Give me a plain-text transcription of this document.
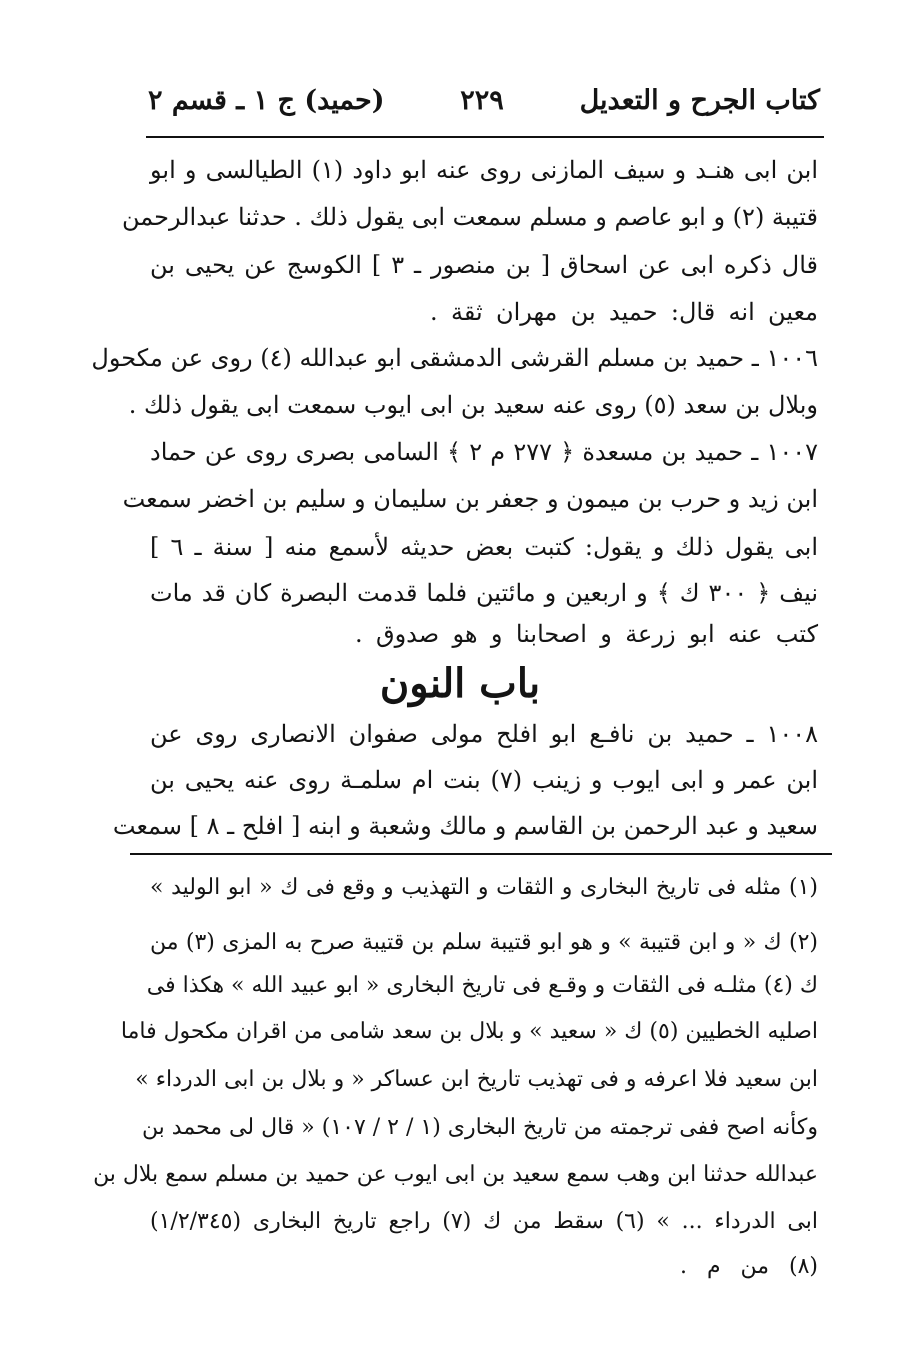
كتاب الجرح و التعديل
٢٢٩
(حميد) ج ١ ـ قسم ٢
ابن ابى هنـد و سيف المازنى روى عنه ابو داود (١) الطيالسى و ابو
قتيبة (٢) و ابو عاصم و مسلم سمعت ابى يقول ذلك . حدثنا عبدالرحمن
قال ذكره ابى عن اسحاق [ بن منصور ـ ٣ ] الكوسج عن يحيى بن
معين انه قال: حميد بن مهران ثقة .
١٠٠٦ ـ حميد بن مسلم القرشى الدمشقى ابو عبدالله (٤) روى عن مكحول
وبلال بن سعد (٥) روى عنه سعيد بن ابى ايوب سمعت ابى يقول ذلك .
١٠٠٧ ـ حميد بن مسعدة ﴿ ٢٧٧ م ٢ ﴾ السامى بصرى روى عن حماد
ابن زيد و حرب بن ميمون و جعفر بن سليمان و سليم بن اخضر سمعت
ابى يقول ذلك و يقول: كتبت بعض حديثه لأسمع منه [ سنة ـ ٦ ]
نيف ﴿ ٣٠٠ ك ﴾ و اربعين و مائتين فلما قدمت البصرة كان قد مات
كتب عنه ابو زرعة و اصحابنا و هو صدوق .
باب النون
١٠٠٨ ـ حميد بن نافـع ابو افلح مولى صفوان الانصارى روى عن
ابن عمر و ابى ايوب و زينب (٧) بنت ام سلمـة روى عنه يحيى بن
سعيد و عبد الرحمن بن القاسم و مالك وشعبة و ابنه [ افلح ـ ٨ ] سمعت
(١) مثله فى تاريخ البخارى و الثقات و التهذيب و وقع فى ك « ابو الوليد »
(٢) ك « و ابن قتيبة » و هو ابو قتيبة سلم بن قتيبة صرح به المزى (٣) من
ك (٤) مثلـه فى الثقات و وقـع فى تاريخ البخارى « ابو عبيد الله » هكذا فى
اصليه الخطيين (٥) ك « سعيد » و بلال بن سعد شامى من اقران مكحول فاما
ابن سعيد فلا اعرفه و فى تهذيب تاريخ ابن عساكر « و بلال بن ابى الدرداء »
وكأنه اصح ففى ترجمته من تاريخ البخارى (١ / ٢ / ١٠٧) « قال لى محمد بن
عبدالله حدثنا ابن وهب سمع سعيد بن ابى ايوب عن حميد بن مسلم سمع بلال بن
ابى الدرداء ... » (٦) سقط من ك (٧) راجع تاريخ البخارى (١/٢/٣٤٥)
(٨) من م .
